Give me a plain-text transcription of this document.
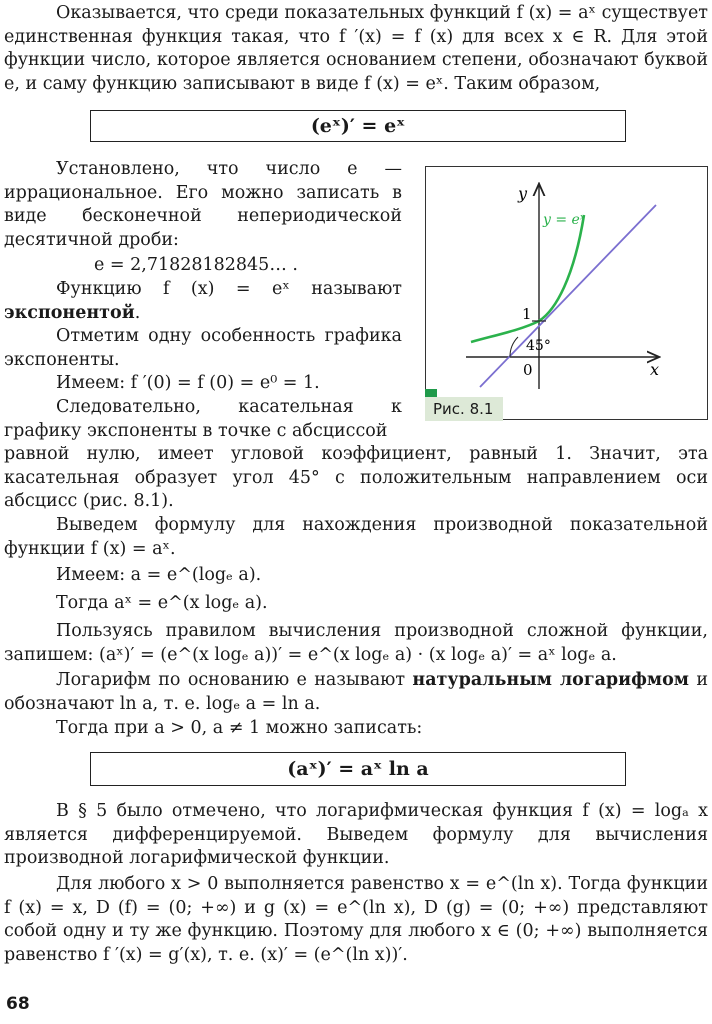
Оказывается, что среди показательных функций f (x) = aˣ существует единственная функция такая, что f ′(x) = f (x) для всех x ∈ R. Для этой функции число, которое является основанием степени, обозначают буквой e, и саму функцию записывают в виде f (x) = eˣ. Таким образом,

(eˣ)′ = eˣ

Установлено, что число e — иррациональное. Его можно записать в виде бесконечной непериодической десятичной дроби:

e = 2,71828182845… .

Функцию f (x) = eˣ называют экспонентой.

Отметим одну особенность графика экспоненты.

Имеем: f ′(0) = f (0) = e⁰ = 1.

Следовательно, касательная к графику экспоненты в точке с абсциссой

равной нулю, имеет угловой коэффициент, равный 1. Значит, эта касательная образует угол 45° с положительным направлением оси абсцисс (рис. 8.1).

Выведем формулу для нахождения производной показательной функции f (x) = aˣ.

Имеем: a = e^(logₑ a).

Тогда aˣ = e^(x logₑ a).

Пользуясь правилом вычисления производной сложной функции, запишем: (aˣ)′ = (e^(x logₑ a))′ = e^(x logₑ a) · (x logₑ a)′ = aˣ logₑ a.

Логарифм по основанию e называют натуральным логарифмом и обозначают ln a, т. е. logₑ a = ln a.

Тогда при a > 0, a ≠ 1 можно записать:

(aˣ)′ = aˣ ln a

В § 5 было отмечено, что логарифмическая функция f (x) = logₐ x является дифференцируемой. Выведем формулу для вычисления производной логарифмической функции.

Для любого x > 0 выполняется равенство x = e^(ln x). Тогда функции f (x) = x, D (f) = (0; +∞) и g (x) = e^(ln x), D (g) = (0; +∞) представляют собой одну и ту же функцию. Поэтому для любого x ∈ (0; +∞) выполняется равенство f ′(x) = g′(x), т. е. (x)′ = (e^(ln x))′.

y
x
y = eˣ
1
0
45°
Рис. 8.1
68
